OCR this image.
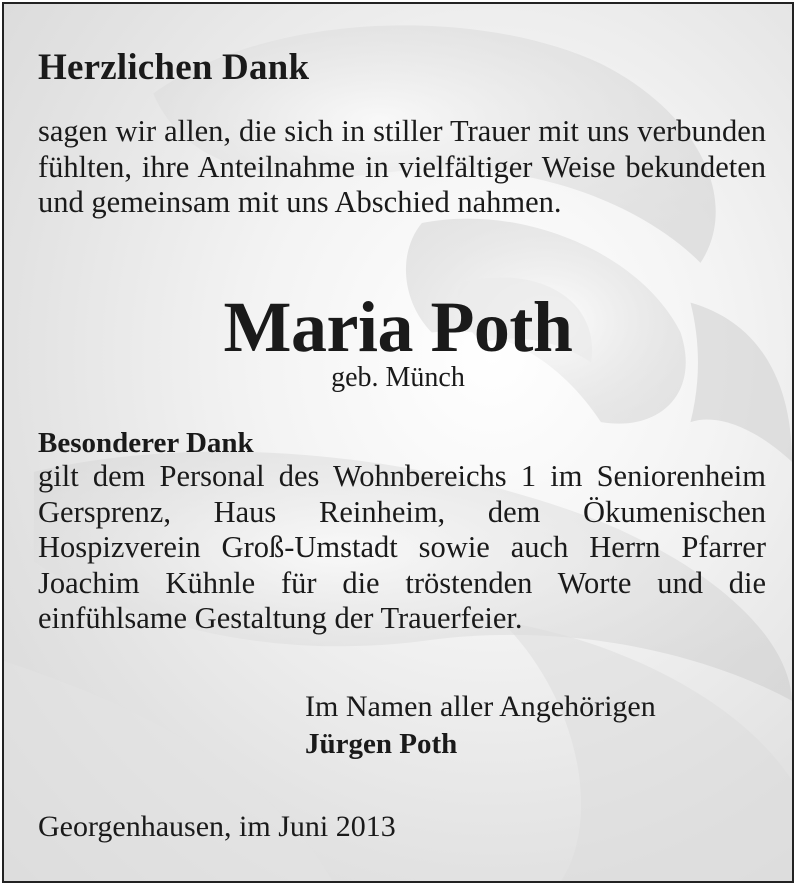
Herzlichen Dank
sagen wir allen, die sich in stiller Trauer mit uns verbunden fühlten, ihre Anteilnahme in vielfältiger Weise bekundeten und gemeinsam mit uns Abschied nahmen.
Maria Poth
geb. Münch
Besonderer Dank
gilt dem Personal des Wohnbereichs 1 im Seniorenheim Gersprenz, Haus Reinheim, dem Ökumenischen Hospizverein Groß-Umstadt sowie auch Herrn Pfarrer Joachim Kühnle für die tröstenden Worte und die einfühlsame Gestaltung der Trauerfeier.
Im Namen aller Angehörigen
Jürgen Poth
Georgenhausen, im Juni 2013
